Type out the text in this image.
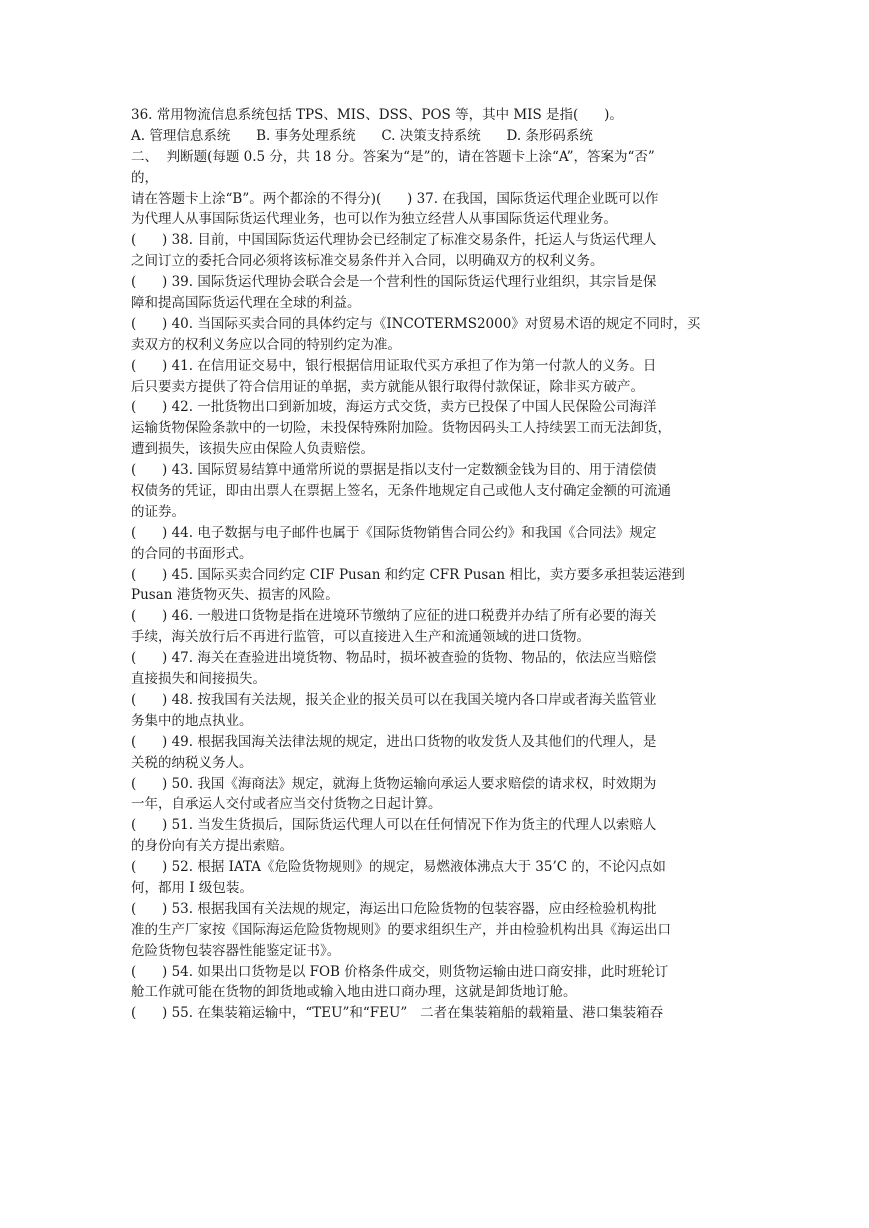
36. 常用物流信息系统包括 TPS、MIS、DSS、POS 等，其中 MIS 是指(      )。
A. 管理信息系统      B. 事务处理系统      C. 决策支持系统      D. 条形码系统
二、  判断题(每题 0.5 分，共 18 分。答案为“是”的，请在答题卡上涂“A”，答案为“否”
的，
请在答题卡上涂“B”。两个都涂的不得分)(      ) 37. 在我国，国际货运代理企业既可以作
为代理人从事国际货运代理业务，也可以作为独立经营人从事国际货运代理业务。
(      ) 38. 目前，中国国际货运代理协会已经制定了标准交易条件，托运人与货运代理人
之间订立的委托合同必须将该标准交易条件并入合同，以明确双方的权利义务。
(      ) 39. 国际货运代理协会联合会是一个营利性的国际货运代理行业组织，其宗旨是保
障和提高国际货运代理在全球的利益。
(      ) 40. 当国际买卖合同的具体约定与《INCOTERMS2000》对贸易术语的规定不同时，买
卖双方的权利义务应以合同的特别约定为准。
(      ) 41. 在信用证交易中，银行根据信用证取代买方承担了作为第一付款人的义务。日
后只要卖方提供了符合信用证的单据，卖方就能从银行取得付款保证，除非买方破产。
(      ) 42. 一批货物出口到新加坡，海运方式交货，卖方已投保了中国人民保险公司海洋
运输货物保险条款中的一切险，未投保特殊附加险。货物因码头工人持续罢工而无法卸货，
遭到损失，该损失应由保险人负责赔偿。
(      ) 43. 国际贸易结算中通常所说的票据是指以支付一定数额金钱为目的、用于清偿债
权债务的凭证，即由出票人在票据上签名，无条件地规定自己或他人支付确定金额的可流通
的证券。
(      ) 44. 电子数据与电子邮件也属于《国际货物销售合同公约》和我国《合同法》规定
的合同的书面形式。
(      ) 45. 国际买卖合同约定 CIF Pusan 和约定 CFR Pusan 相比，卖方要多承担装运港到
Pusan 港货物灭失、损害的风险。
(      ) 46. 一般进口货物是指在进境环节缴纳了应征的进口税费并办结了所有必要的海关
手续，海关放行后不再进行监管，可以直接进入生产和流通领域的进口货物。
(      ) 47. 海关在查验进出境货物、物品时，损坏被查验的货物、物品的，依法应当赔偿
直接损失和间接损失。
(      ) 48. 按我国有关法规，报关企业的报关员可以在我国关境内各口岸或者海关监管业
务集中的地点执业。
(      ) 49. 根据我国海关法律法规的规定，进出口货物的收发货人及其他们的代理人，是
关税的纳税义务人。
(      ) 50. 我国《海商法》规定，就海上货物运输向承运人要求赔偿的请求权，时效期为
一年，自承运人交付或者应当交付货物之日起计算。
(      ) 51. 当发生货损后，国际货运代理人可以在任何情况下作为货主的代理人以索赔人
的身份向有关方提出索赔。
(      ) 52. 根据 IATA《危险货物规则》的规定，易燃液体沸点大于 35’C 的，不论闪点如
何，都用 I 级包装。
(      ) 53. 根据我国有关法规的规定，海运出口危险货物的包装容器，应由经检验机构批
准的生产厂家按《国际海运危险货物规则》的要求组织生产，并由检验机构出具《海运出口
危险货物包装容器性能鉴定证书》。
(      ) 54. 如果出口货物是以 FOB 价格条件成交，则货物运输由进口商安排，此时班轮订
舱工作就可能在货物的卸货地或输入地由进口商办理，这就是卸货地订舱。
(      ) 55. 在集装箱运输中，“TEU”和“FEU”   二者在集装箱船的载箱量、港口集装箱吞
